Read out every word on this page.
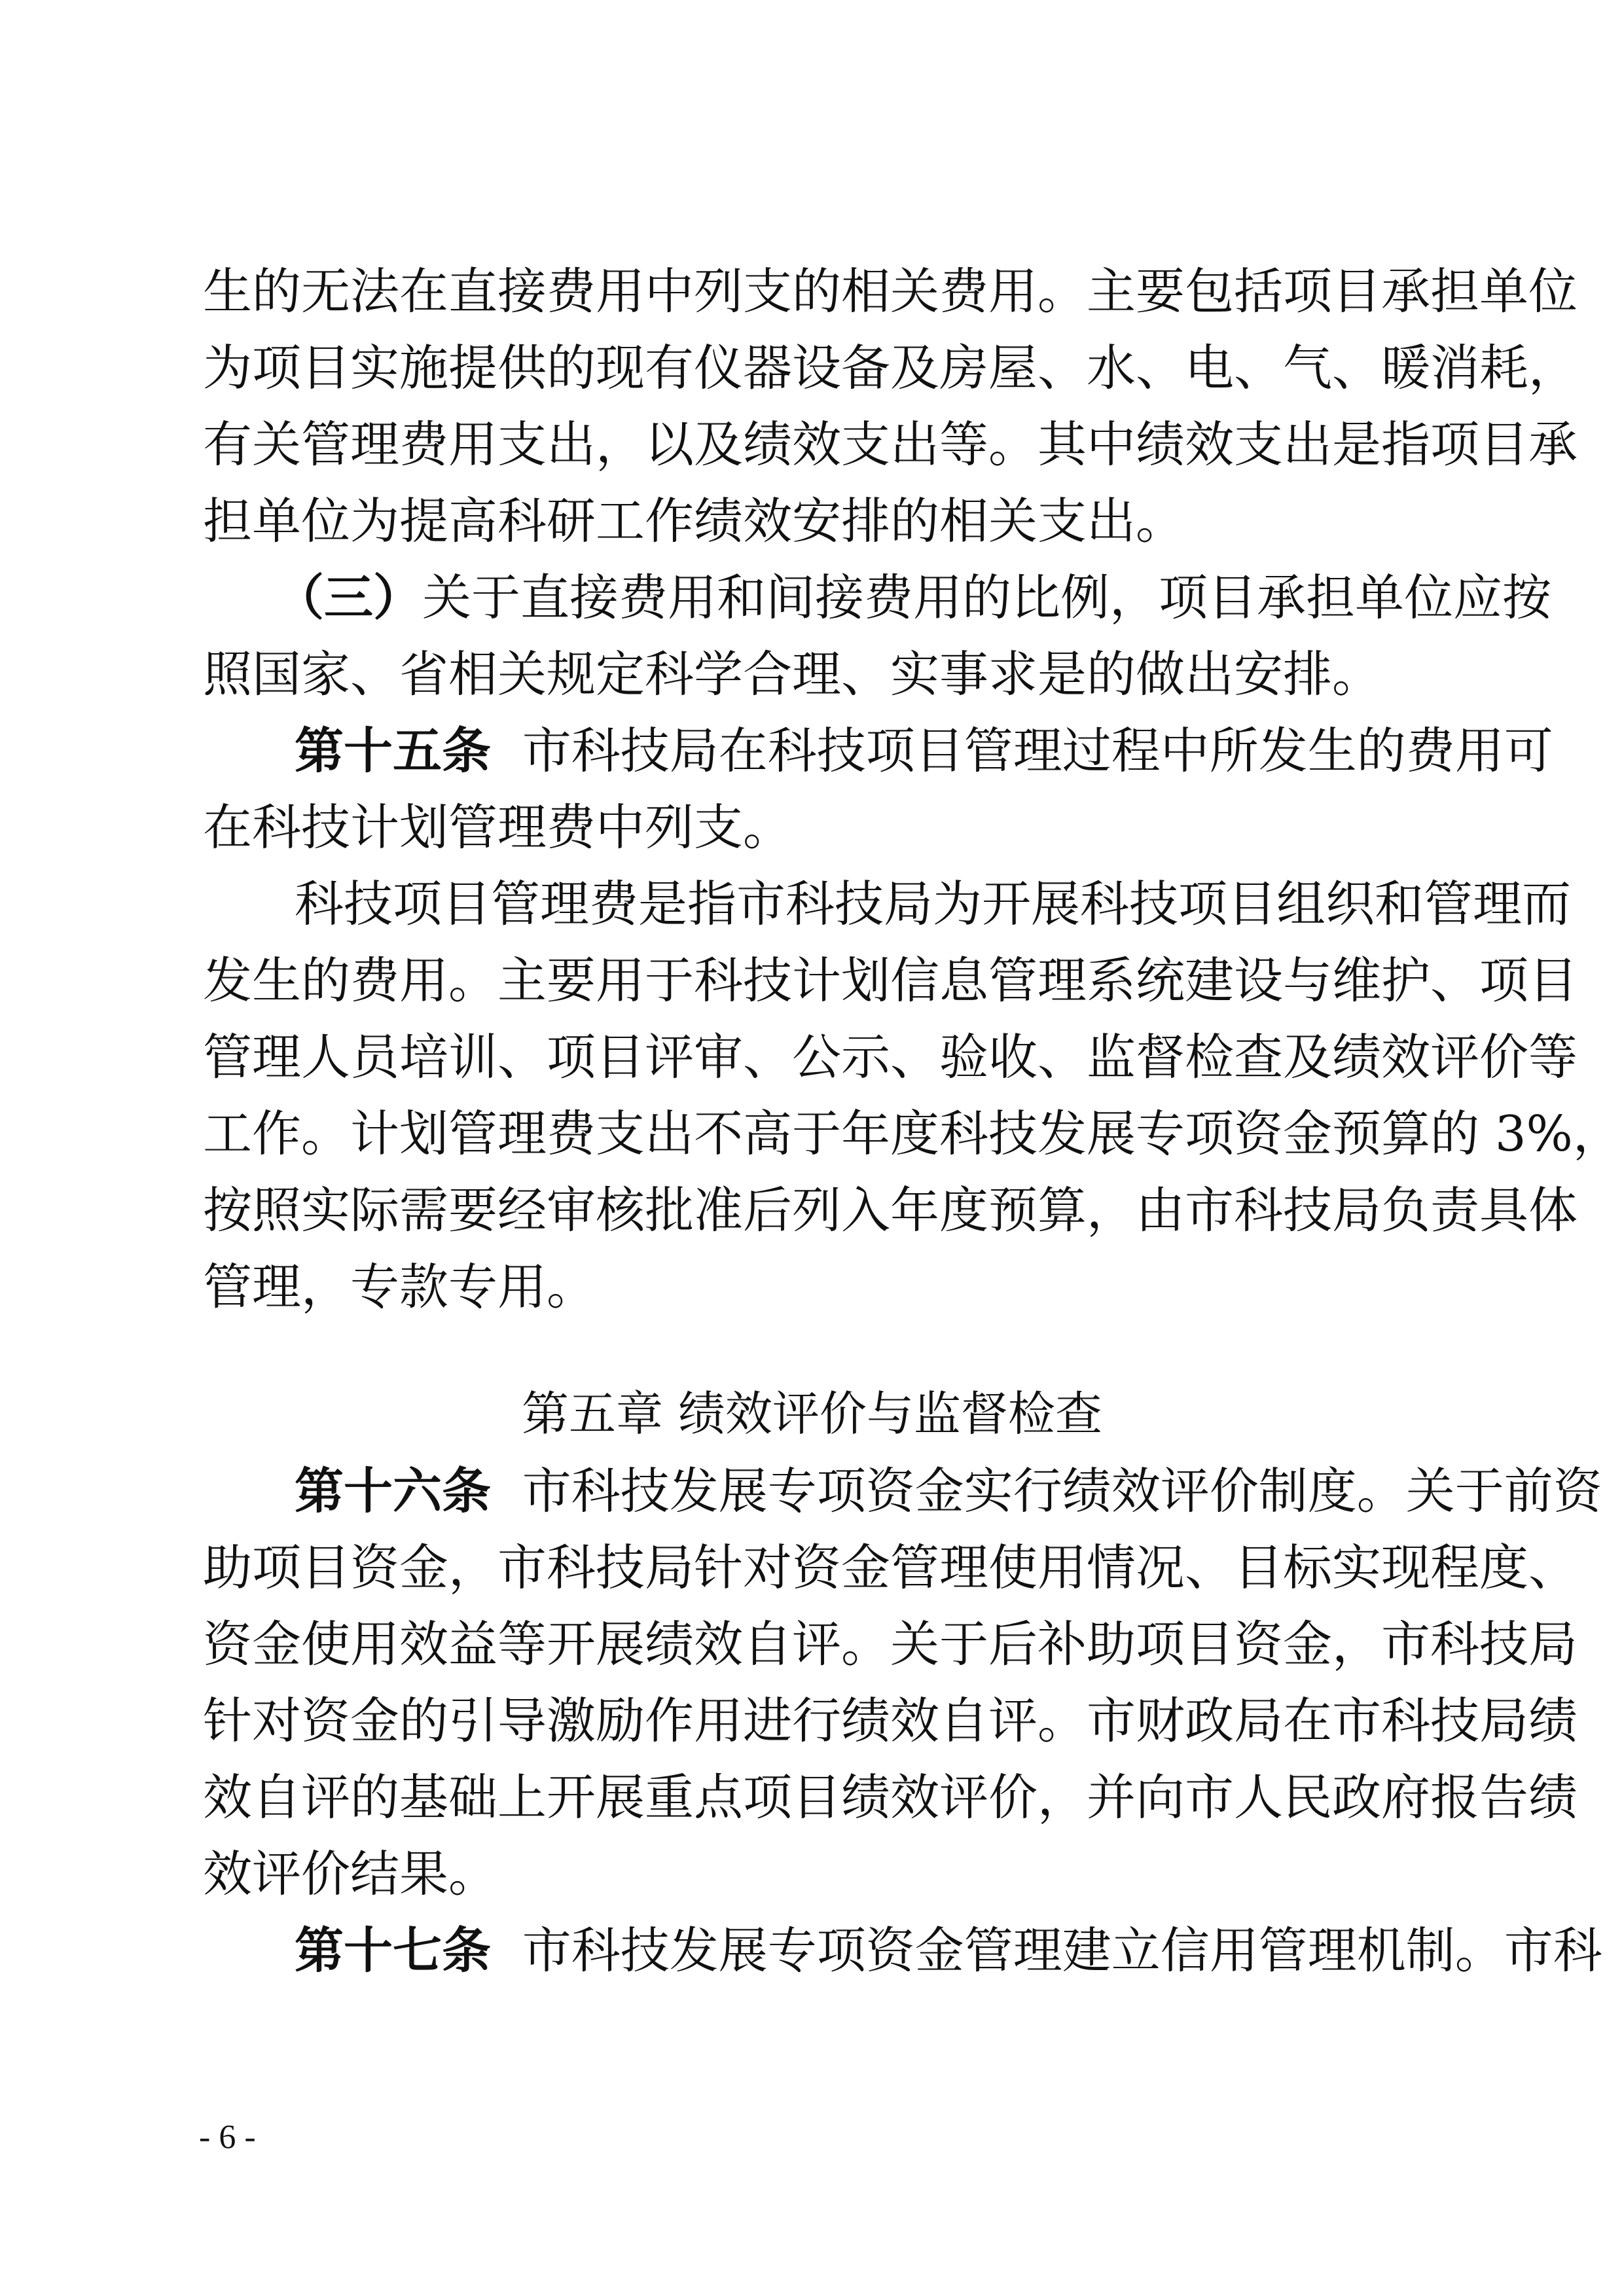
生的无法在直接费用中列支的相关费用。主要包括项目承担单位
为项目实施提供的现有仪器设备及房屋、水、电、气、暖消耗，
有关管理费用支出，以及绩效支出等。其中绩效支出是指项目承
担单位为提高科研工作绩效安排的相关支出。
（三）关于直接费用和间接费用的比例，项目承担单位应按
照国家、省相关规定科学合理、实事求是的做出安排。
第十五条 市科技局在科技项目管理过程中所发生的费用可
在科技计划管理费中列支。
科技项目管理费是指市科技局为开展科技项目组织和管理而
发生的费用。主要用于科技计划信息管理系统建设与维护、项目
管理人员培训、项目评审、公示、验收、监督检查及绩效评价等
工作。计划管理费支出不高于年度科技发展专项资金预算的 3%，
按照实际需要经审核批准后列入年度预算，由市科技局负责具体
管理，专款专用。
第五章 绩效评价与监督检查
第十六条 市科技发展专项资金实行绩效评价制度。关于前资
助项目资金，市科技局针对资金管理使用情况、目标实现程度、
资金使用效益等开展绩效自评。关于后补助项目资金，市科技局
针对资金的引导激励作用进行绩效自评。市财政局在市科技局绩
效自评的基础上开展重点项目绩效评价，并向市人民政府报告绩
效评价结果。
第十七条 市科技发展专项资金管理建立信用管理机制。市科
- 6 -
